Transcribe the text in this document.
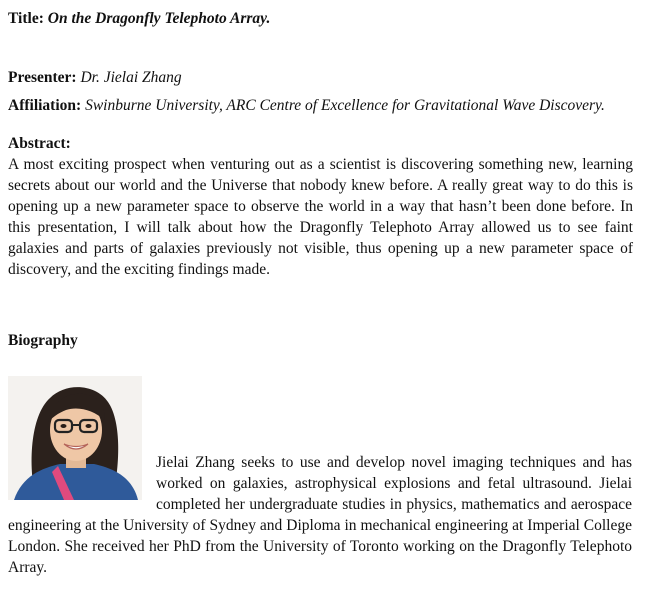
Title: On the Dragonfly Telephoto Array.
Presenter: Dr. Jielai Zhang
Affiliation: Swinburne University, ARC Centre of Excellence for Gravitational Wave Discovery.
Abstract:
A most exciting prospect when venturing out as a scientist is discovering something new, learning secrets about our world and the Universe that nobody knew before. A really great way to do this is opening up a new parameter space to observe the world in a way that hasn’t been done before. In this presentation, I will talk about how the Dragonfly Telephoto Array allowed us to see faint galaxies and parts of galaxies previously not visible, thus opening up a new parameter space of discovery, and the exciting findings made.
Biography
Jielai Zhang seeks to use and develop novel imaging techniques and has worked on galaxies, astrophysical explosions and fetal ultrasound. Jielai completed her undergraduate studies in physics, mathematics and aerospace engineering at the University of Sydney and Diploma in mechanical engineering at Imperial College London. She received her PhD from the University of Toronto working on the Dragonfly Telephoto Array.
